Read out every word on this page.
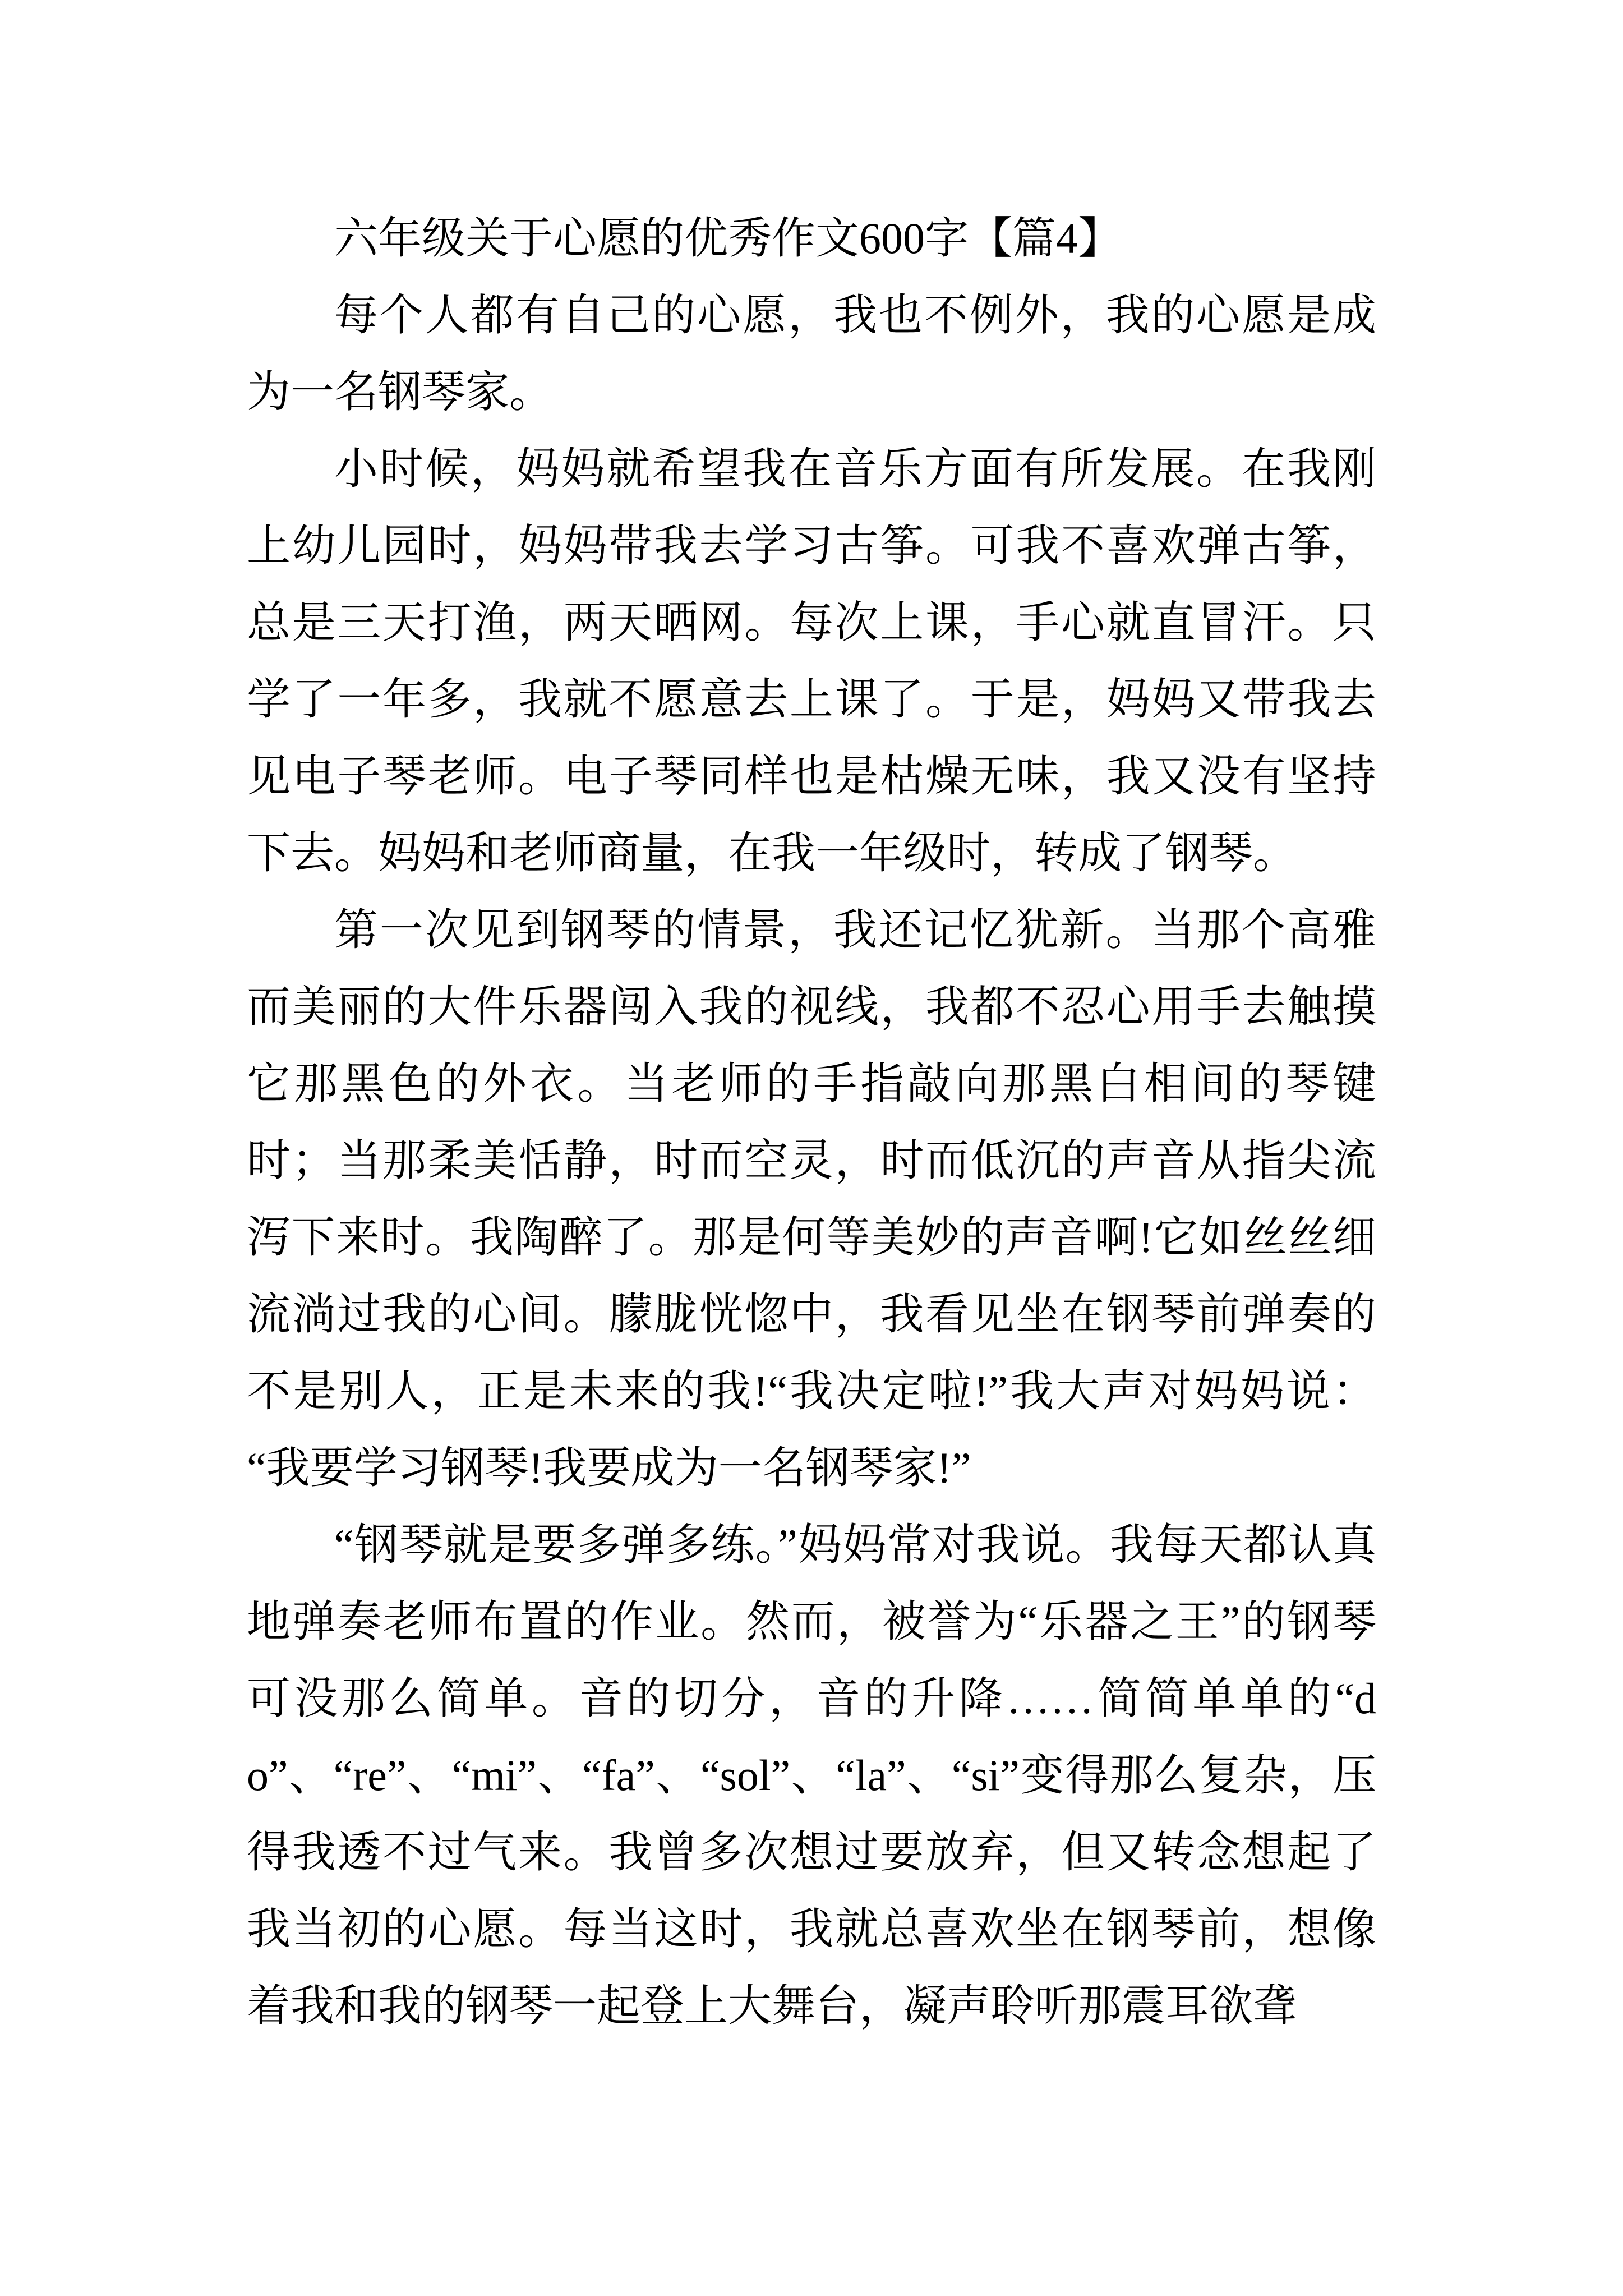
六年级关于心愿的优秀作文600字【篇4】

每个人都有自己的心愿，我也不例外，我的心愿是成为一名钢琴家。

小时候，妈妈就希望我在音乐方面有所发展。在我刚上幼儿园时，妈妈带我去学习古筝。可我不喜欢弹古筝，总是三天打渔，两天晒网。每次上课，手心就直冒汗。只学了一年多，我就不愿意去上课了。于是，妈妈又带我去见电子琴老师。电子琴同样也是枯燥无味，我又没有坚持下去。妈妈和老师商量，在我一年级时，转成了钢琴。

第一次见到钢琴的情景，我还记忆犹新。当那个高雅而美丽的大件乐器闯入我的视线，我都不忍心用手去触摸它那黑色的外衣。当老师的手指敲向那黑白相间的琴键时；当那柔美恬静，时而空灵，时而低沉的声音从指尖流泻下来时。我陶醉了。那是何等美妙的声音啊!它如丝丝细流淌过我的心间。朦胧恍惚中，我看见坐在钢琴前弹奏的不是别人，正是未来的我!“我决定啦!”我大声对妈妈说：“我要学习钢琴!我要成为一名钢琴家!”

“钢琴就是要多弹多练。”妈妈常对我说。我每天都认真地弹奏老师布置的作业。然而，被誉为“乐器之王”的钢琴可没那么简单。音的切分，音的升降……简简单单的“do”、“re”、“mi”、“fa”、“sol”、“la”、“si”变得那么复杂，压得我透不过气来。我曾多次想过要放弃，但又转念想起了我当初的心愿。每当这时，我就总喜欢坐在钢琴前，想像着我和我的钢琴一起登上大舞台，凝声聆听那震耳欲聋
